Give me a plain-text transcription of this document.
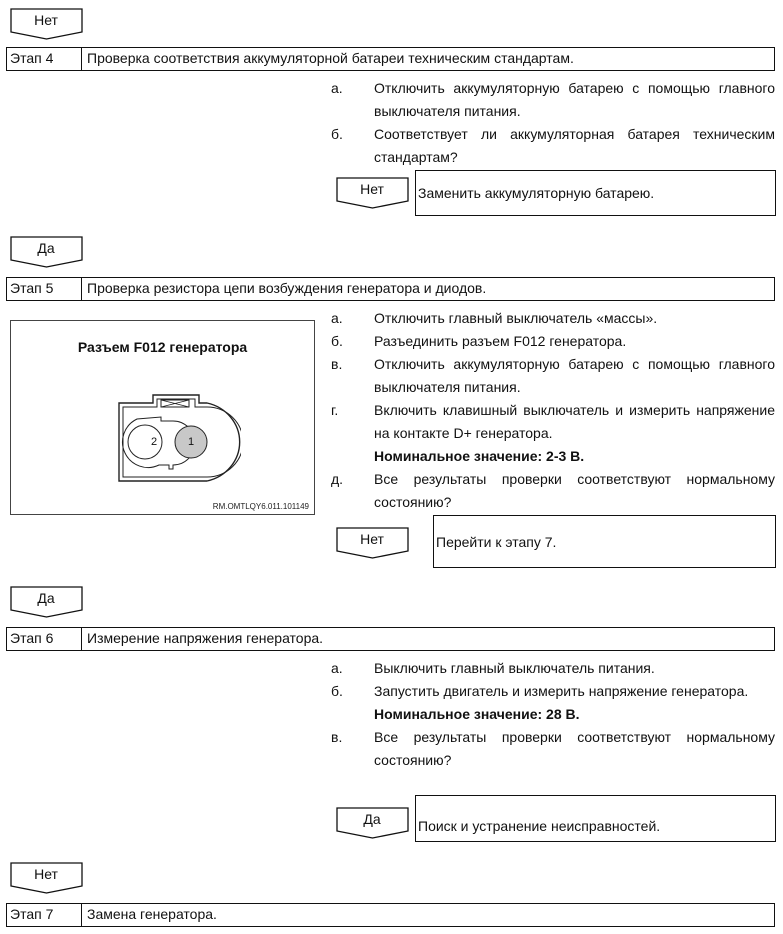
Нет
Этап 4	Проверка соответствия аккумуляторной батареи техническим стандартам.
а. Отключить аккумуляторную батарею с помощью главного выключателя питания.
б. Соответствует ли аккумуляторная батарея техническим стандартам?
Нет	Заменить аккумуляторную батарею.
Да
Этап 5	Проверка резистора цепи возбуждения генератора и диодов.
Разъем F012 генератора
2	1
RM.OMTLQY6.011.101149
а. Отключить главный выключатель «массы».
б. Разъединить разъем F012 генератора.
в. Отключить аккумуляторную батарею с помощью главного выключателя питания.
г.	Включить клавишный выключатель и измерить напряжение на контакте D+ генератора.
Номинальное значение: 2-3 В.
д. Все результаты проверки соответствуют нормальному состоянию?
Нет	Перейти к этапу 7.
Да
Этап 6	Измерение напряжения генератора.
а. Выключить главный выключатель питания.
б. Запустить двигатель и измерить напряжение генератора.
Номинальное значение: 28 В.
в. Все результаты проверки соответствуют нормальному состоянию?
Да	Поиск и устранение неисправностей.
Нет
Этап 7	Замена генератора.
